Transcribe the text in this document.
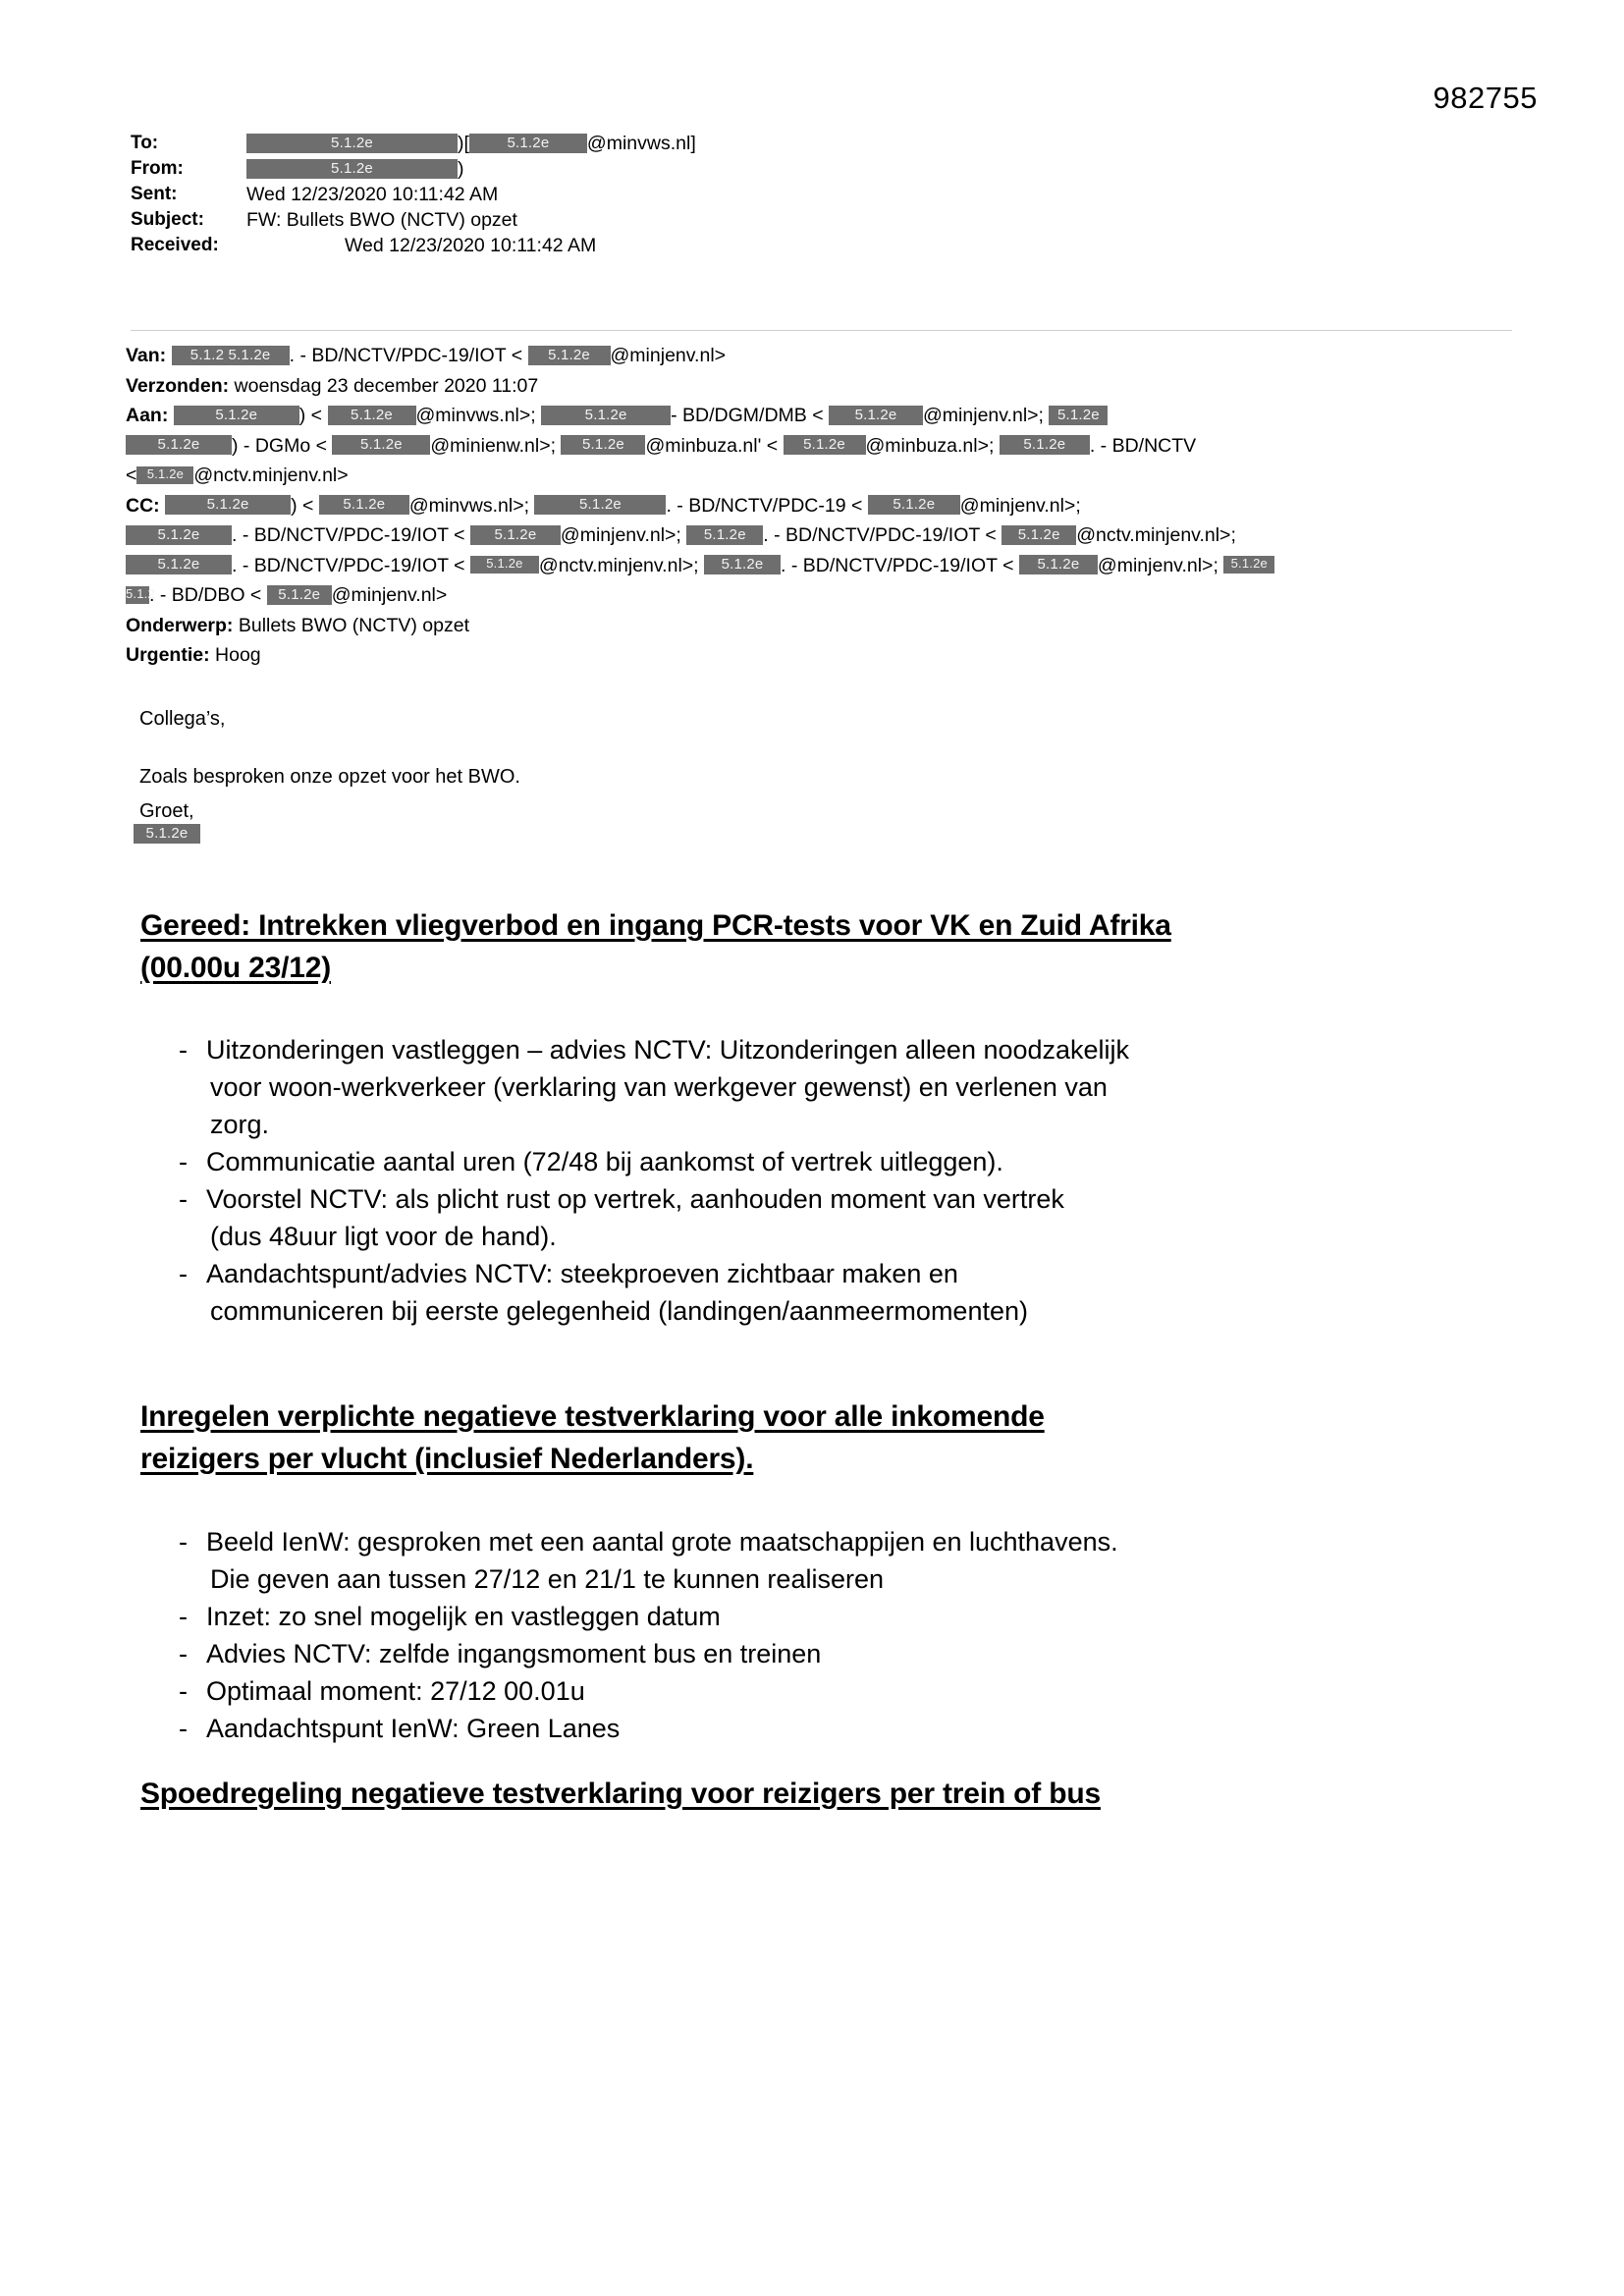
982755
To:	5.1.2e	)[	5.1.2e @minvws.nl]
From:	5.1.2e	)
Sent:	Wed 12/23/2020 10:11:42 AM
Subject:	FW: Bullets BWO (NCTV) opzet
Received:	Wed 12/23/2020 10:11:42 AM
Van: 5.1.2 5.1.2e . - BD/NCTV/PDC-19/IOT < 5.1.2e @minjenv.nl>
Verzonden: woensdag 23 december 2020 11:07
Aan:	5.1.2e ) < 5.1.2e @minvws.nl>;	5.1.2e - BD/DGM/DMB < 5.1.2e @minjenv.nl>; 5.1.2e
5.1.2e ) - DGMo < 5.1.2e @minienw.nl>; 5.1.2e @minbuza.nl' < 5.1.2e @minbuza.nl>; 5.1.2e . - BD/NCTV
< 5.1.2e @nctv.minjenv.nl>
CC:	5.1.2e ) < 5.1.2e @minvws.nl>;	5.1.2e . - BD/NCTV/PDC-19 < 5.1.2e @minjenv.nl>;
5.1.2e . - BD/NCTV/PDC-19/IOT < 5.1.2e @minjenv.nl>; 5.1.2e . - BD/NCTV/PDC-19/IOT < 5.1.2e @nctv.minjenv.nl>;
5.1.2e . - BD/NCTV/PDC-19/IOT < 5.1.2e @nctv.minjenv.nl>; 5.1.2e . - BD/NCTV/PDC-19/IOT < 5.1.2e @minjenv.nl>; 5.1.2e
5.1.2. - BD/DBO < 5.1.2e @minjenv.nl>
Onderwerp: Bullets BWO (NCTV) opzet
Urgentie: Hoog
Collega’s,
Zoals besproken onze opzet voor het BWO.
Groet,
5.1.2e
Gereed: Intrekken vliegverbod en ingang PCR-tests voor VK en Zuid Afrika
(00.00u 23/12)
- Uitzonderingen vastleggen – advies NCTV: Uitzonderingen alleen noodzakelijk
voor woon-werkverkeer (verklaring van werkgever gewenst) en verlenen van
zorg.
- Communicatie aantal uren (72/48 bij aankomst of vertrek uitleggen).
- Voorstel NCTV: als plicht rust op vertrek, aanhouden moment van vertrek
(dus 48uur ligt voor de hand).
- Aandachtspunt/advies NCTV: steekproeven zichtbaar maken en
communiceren bij eerste gelegenheid (landingen/aanmeermomenten)
Inregelen verplichte negatieve testverklaring voor alle inkomende
reizigers per vlucht (inclusief Nederlanders).
- Beeld IenW: gesproken met een aantal grote maatschappijen en luchthavens.
Die geven aan tussen 27/12 en 21/1 te kunnen realiseren
- Inzet: zo snel mogelijk en vastleggen datum
- Advies NCTV: zelfde ingangsmoment bus en treinen
- Optimaal moment: 27/12 00.01u
- Aandachtspunt IenW: Green Lanes
Spoedregeling negatieve testverklaring voor reizigers per trein of bus
